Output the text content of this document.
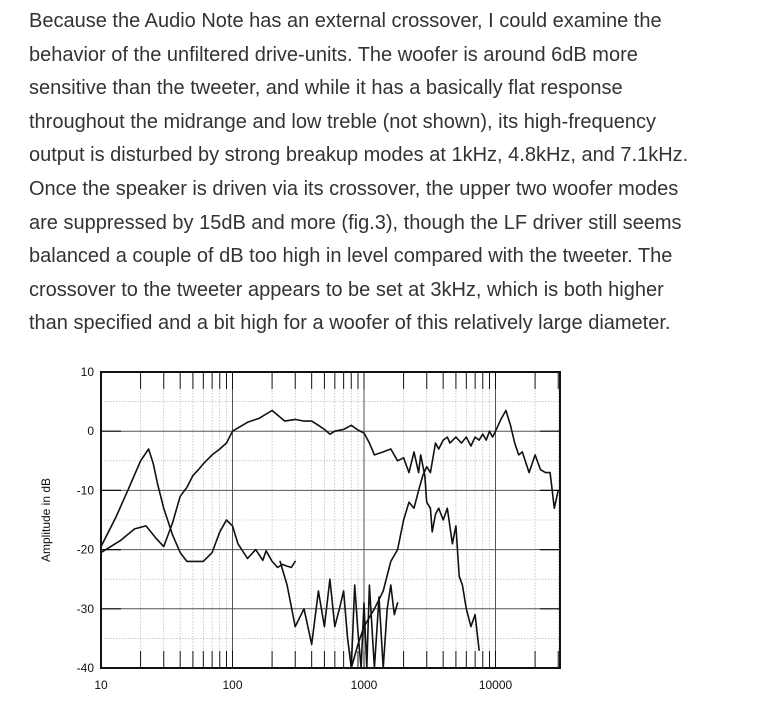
Because the Audio Note has an external crossover, I could examine the
behavior of the unfiltered drive-units. The woofer is around 6dB more
sensitive than the tweeter, and while it has a basically flat response
throughout the midrange and low treble (not shown), its high-frequency
output is disturbed by strong breakup modes at 1kHz, 4.8kHz, and 7.1kHz.
Once the speaker is driven via its crossover, the upper two woofer modes
are suppressed by 15dB and more (fig.3), though the LF driver still seems
balanced a couple of dB too high in level compared with the tweeter. The
crossover to the tweeter appears to be set at 3kHz, which is both higher
than specified and a bit high for a woofer of this relatively large diameter.
10
0
-10
-20
-30
-40
10	100	1000	10000
Amplitude in dB
